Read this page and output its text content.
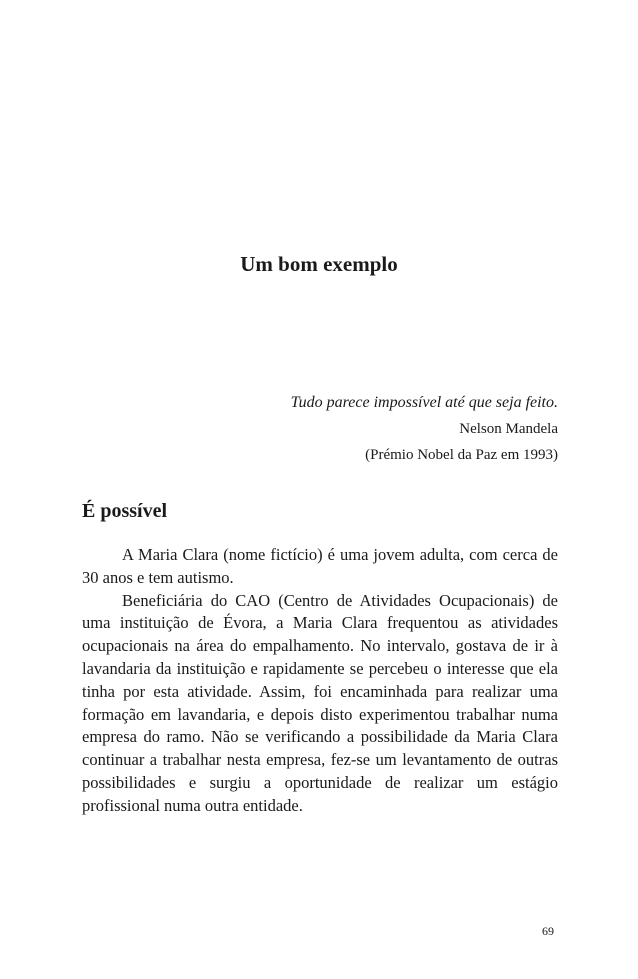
Um bom exemplo
Tudo parece impossível até que seja feito.
Nelson Mandela
(Prémio Nobel da Paz em 1993)
É possível

A Maria Clara (nome fictício) é uma jovem adulta, com cerca de 30 anos e tem autismo.

Beneficiária do CAO (Centro de Atividades Ocupacionais) de uma instituição de Évora, a Maria Clara frequentou as atividades ocupacionais na área do empalhamento. No intervalo, gostava de ir à lavandaria da instituição e rapidamente se percebeu o interesse que ela tinha por esta atividade. Assim, foi encaminhada para realizar uma formação em lavandaria, e depois disto experimentou trabalhar numa empresa do ramo. Não se verificando a possibilidade da Maria Clara continuar a trabalhar nesta empresa, fez-se um levantamento de outras possibilidades e surgiu a oportunidade de realizar um estágio profissional numa outra entidade.

69
